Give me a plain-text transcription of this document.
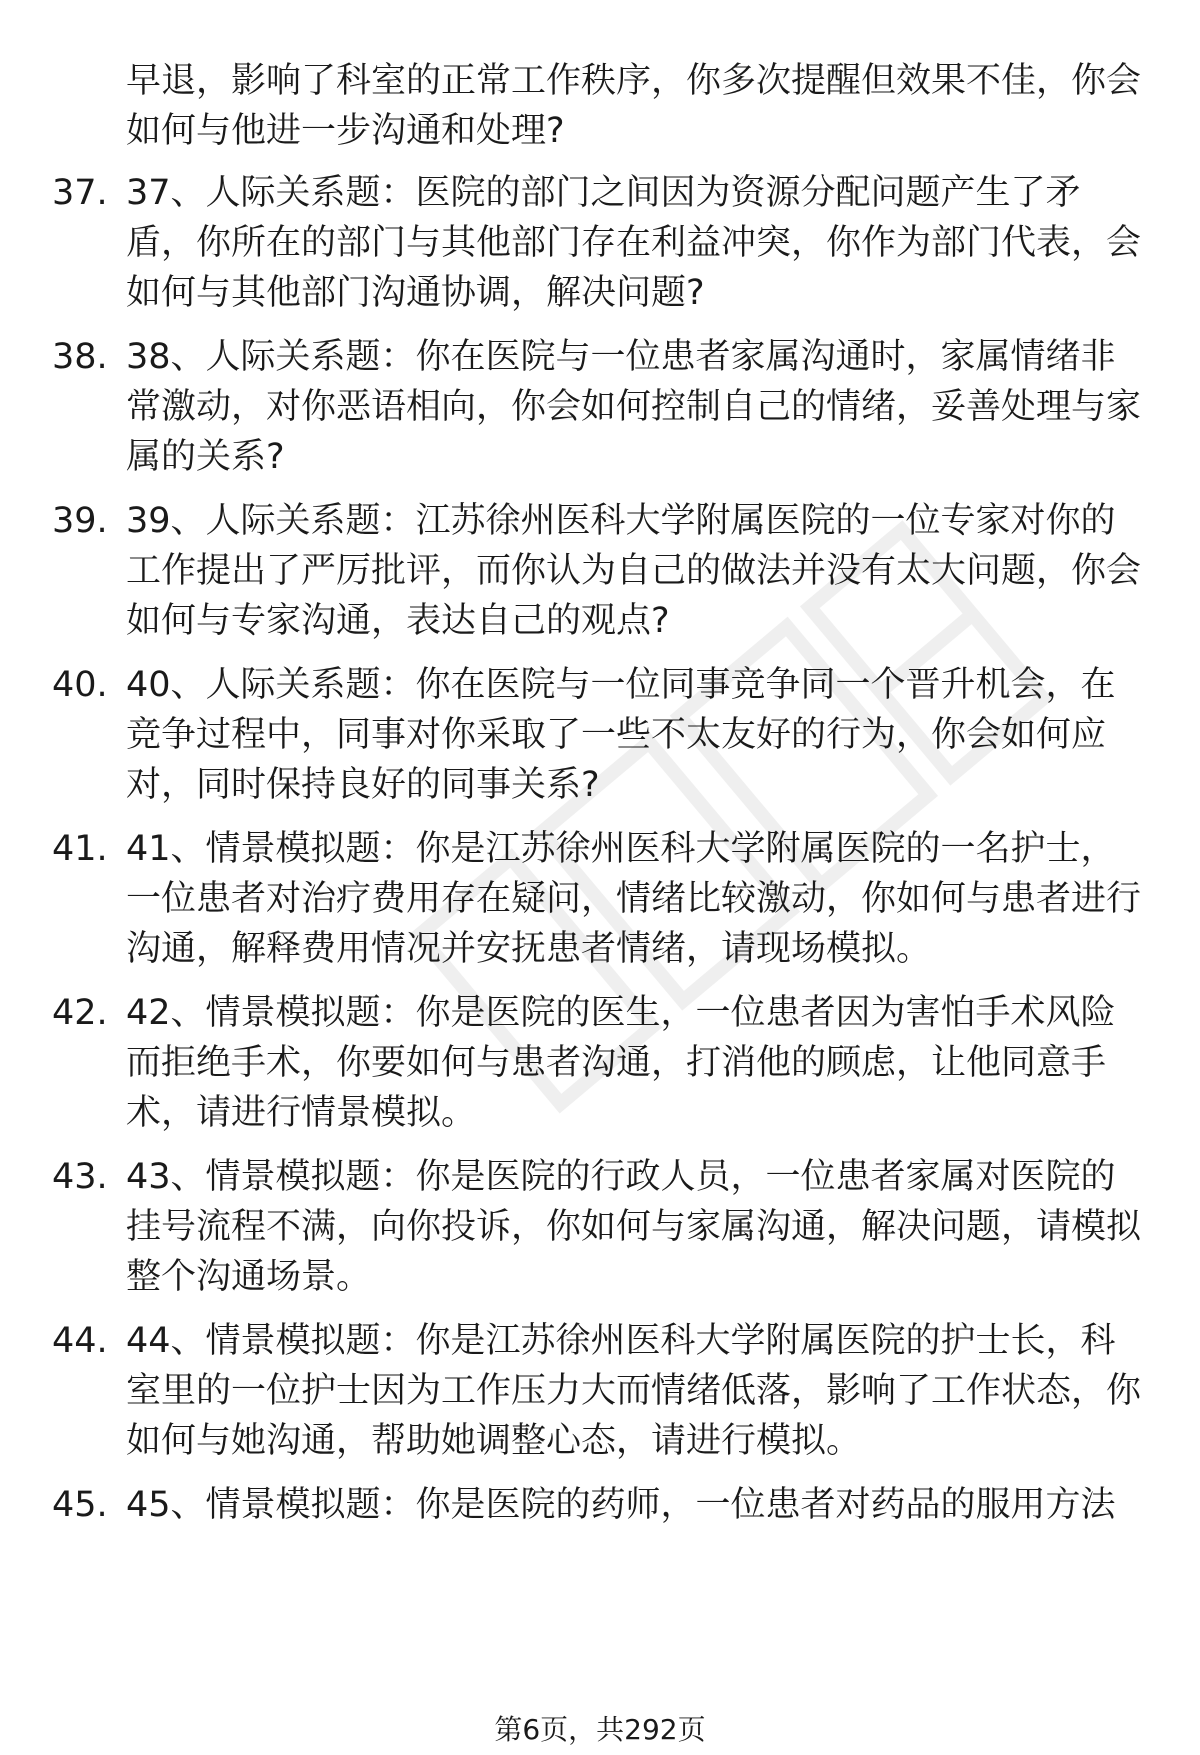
早退，影响了科室的正常工作秩序，你多次提醒但效果不佳，你会如何与他进一步沟通和处理?
37. 37、人际关系题：医院的部门之间因为资源分配问题产生了矛盾，你所在的部门与其他部门存在利益冲突，你作为部门代表，会如何与其他部门沟通协调，解决问题?
38. 38、人际关系题：你在医院与一位患者家属沟通时，家属情绪非常激动，对你恶语相向，你会如何控制自己的情绪，妥善处理与家属的关系?
39. 39、人际关系题：江苏徐州医科大学附属医院的一位专家对你的工作提出了严厉批评，而你认为自己的做法并没有太大问题，你会如何与专家沟通，表达自己的观点?
40. 40、人际关系题：你在医院与一位同事竞争同一个晋升机会，在竞争过程中，同事对你采取了一些不太友好的行为，你会如何应对，同时保持良好的同事关系?
41. 41、情景模拟题：你是江苏徐州医科大学附属医院的一名护士，一位患者对治疗费用存在疑问，情绪比较激动，你如何与患者进行沟通，解释费用情况并安抚患者情绪，请现场模拟。
42. 42、情景模拟题：你是医院的医生，一位患者因为害怕手术风险而拒绝手术，你要如何与患者沟通，打消他的顾虑，让他同意手术，请进行情景模拟。
43. 43、情景模拟题：你是医院的行政人员，一位患者家属对医院的挂号流程不满，向你投诉，你如何与家属沟通，解决问题，请模拟整个沟通场景。
44. 44、情景模拟题：你是江苏徐州医科大学附属医院的护士长，科室里的一位护士因为工作压力大而情绪低落，影响了工作状态，你如何与她沟通，帮助她调整心态，请进行模拟。
45. 45、情景模拟题：你是医院的药师，一位患者对药品的服用方法
第6页，共292页
